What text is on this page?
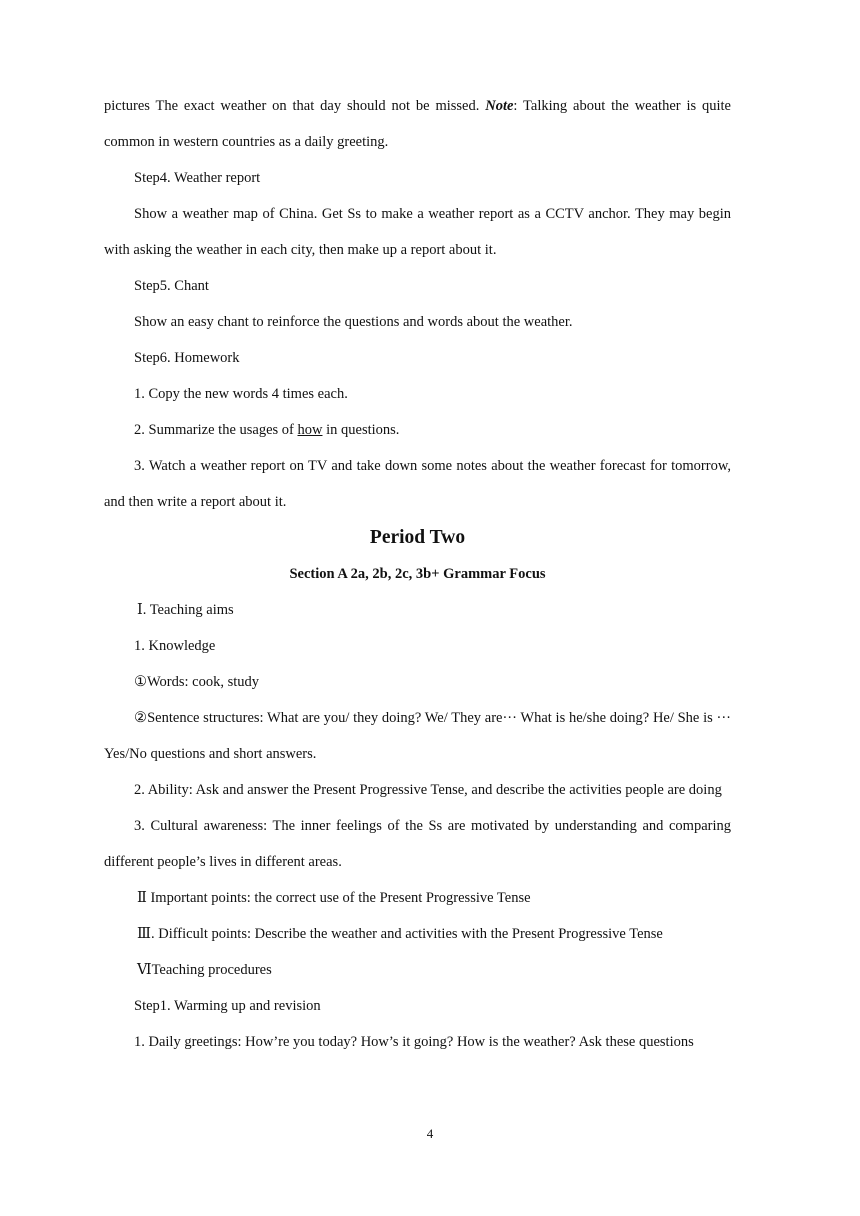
pictures The exact weather on that day should not be missed. Note: Talking about the weather is quite common in western countries as a daily greeting.

Step4. Weather report

Show a weather map of China. Get Ss to make a weather report as a CCTV anchor. They may begin with asking the weather in each city, then make up a report about it.

Step5. Chant

Show an easy chant to reinforce the questions and words about the weather.

Step6. Homework

1. Copy the new words 4 times each.

2. Summarize the usages of how in questions.

3. Watch a weather report on TV and take down some notes about the weather forecast for tomorrow, and then write a report about it.

Period Two

Section A 2a, 2b, 2c, 3b+ Grammar Focus

Ⅰ. Teaching aims

1. Knowledge

①Words: cook, study

②Sentence structures: What are you/ they doing? We/ They are··· What is he/she doing? He/ She is ··· Yes/No questions and short answers.

2. Ability: Ask and answer the Present Progressive Tense, and describe the activities people are doing

3. Cultural awareness: The inner feelings of the Ss are motivated by understanding and comparing different people’s lives in different areas.

Ⅱ Important points: the correct use of the Present Progressive Tense

Ⅲ. Difficult points: Describe the weather and activities with the Present Progressive Tense

ⅥTeaching procedures

Step1. Warming up and revision

1. Daily greetings: How’re you today? How’s it going? How is the weather? Ask these questions

4
